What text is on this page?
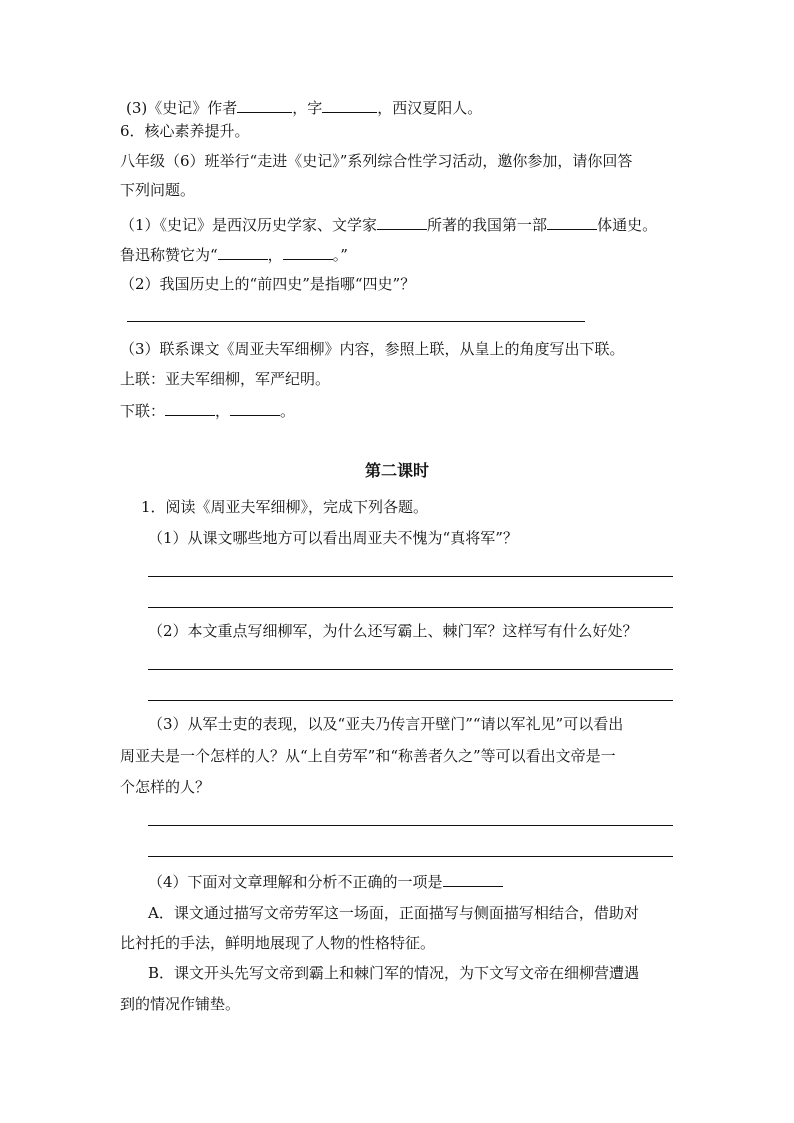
(3)《史记》作者	，字	，西汉夏阳人。
6．核心素养提升。
八年级（6）班举行“走进《史记》”系列综合性学习活动，邀你参加，请你回答
下列问题。
（1）《史记》是西汉历史学家、文学家	所著的我国第一部	体通史。
鲁迅称赞它为“	，	。”
（2）我国历史上的“前四史”是指哪“四史”？
（3）联系课文《周亚夫军细柳》内容，参照上联，从皇上的角度写出下联。
上联：亚夫军细柳，军严纪明。
下联：	，	。
第二课时
1．阅读《周亚夫军细柳》，完成下列各题。
（1）从课文哪些地方可以看出周亚夫不愧为“真将军”？
（2）本文重点写细柳军，为什么还写霸上、棘门军？这样写有什么好处？
（3）从军士吏的表现，以及“亚夫乃传言开壁门”“请以军礼见”可以看出
周亚夫是一个怎样的人？从“上自劳军”和“称善者久之”等可以看出文帝是一
个怎样的人？
（4）下面对文章理解和分析不正确的一项是
A．课文通过描写文帝劳军这一场面，正面描写与侧面描写相结合，借助对
比衬托的手法，鲜明地展现了人物的性格特征。
B．课文开头先写文帝到霸上和棘门军的情况，为下文写文帝在细柳营遭遇
到的情况作铺垫。
